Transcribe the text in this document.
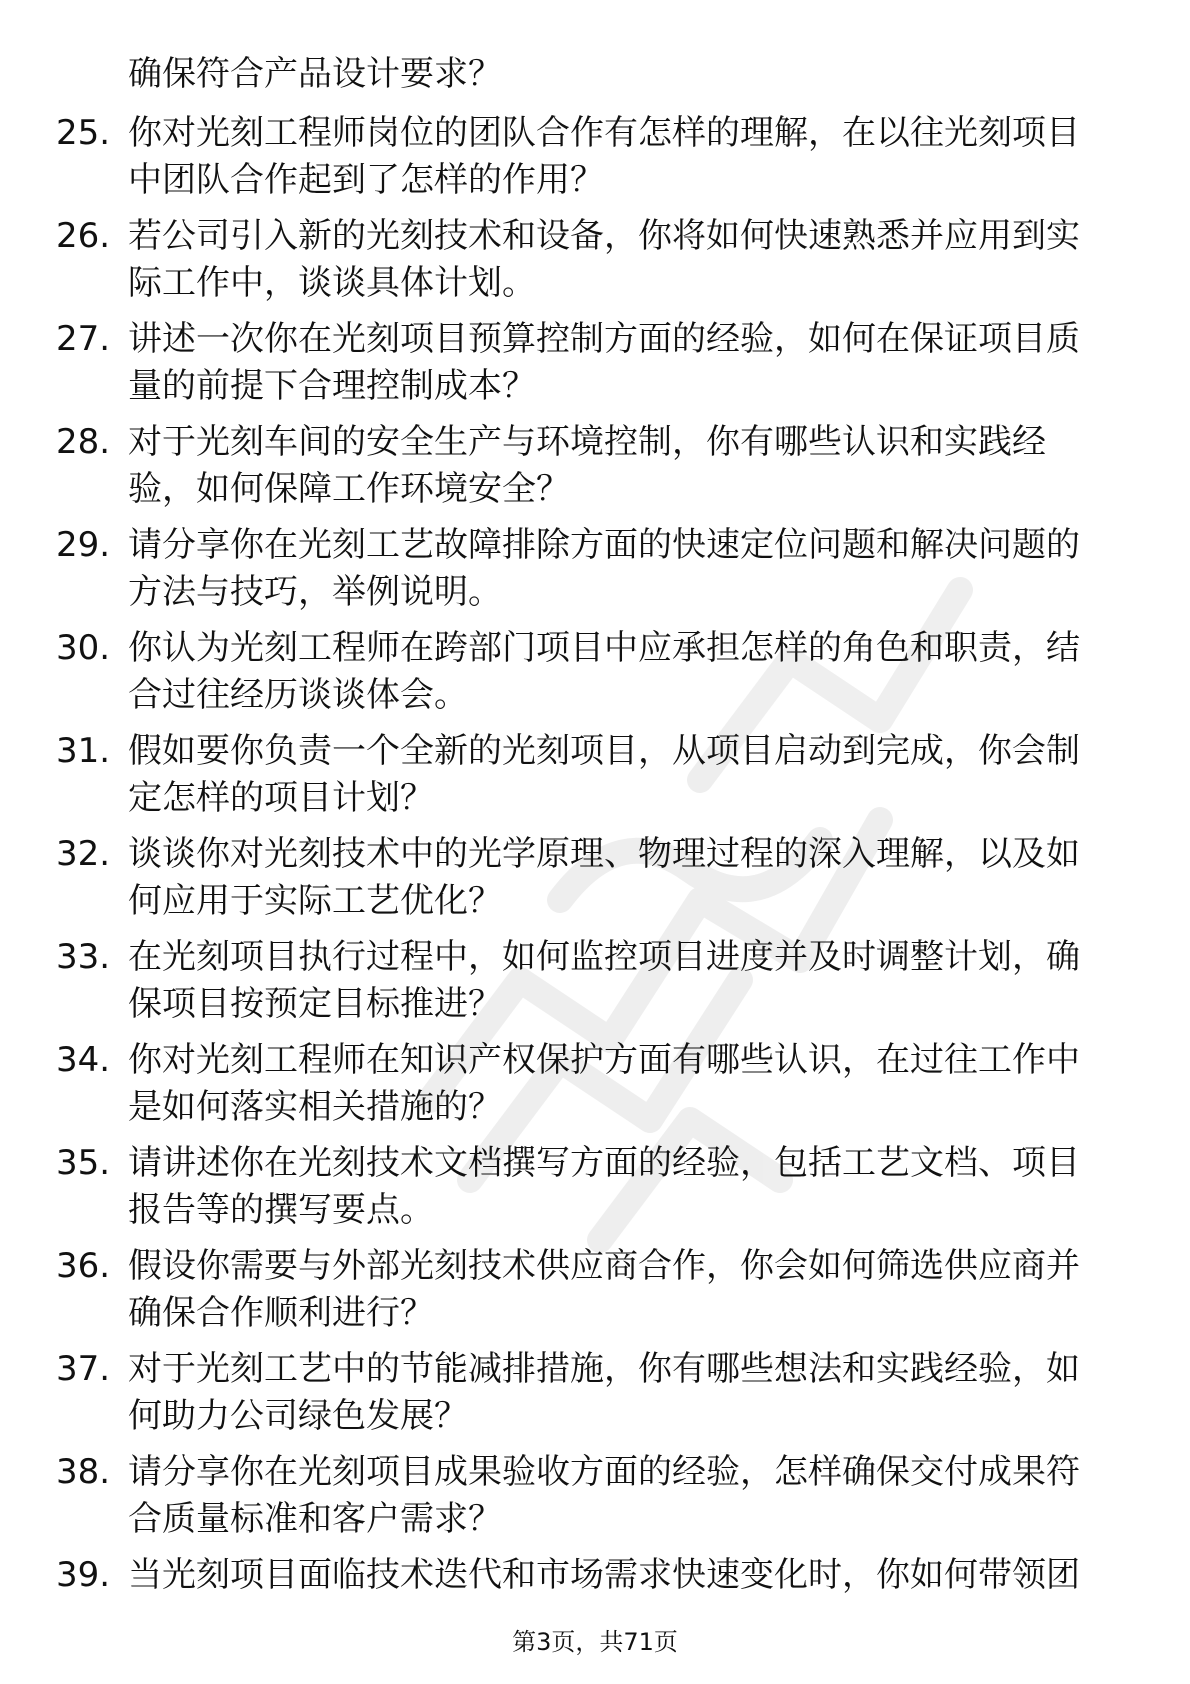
确保符合产品设计要求？
25. 你对光刻工程师岗位的团队合作有怎样的理解，在以往光刻项目
中团队合作起到了怎样的作用？
26. 若公司引入新的光刻技术和设备，你将如何快速熟悉并应用到实
际工作中，谈谈具体计划。
27. 讲述一次你在光刻项目预算控制方面的经验，如何在保证项目质
量的前提下合理控制成本？
28. 对于光刻车间的安全生产与环境控制，你有哪些认识和实践经
验，如何保障工作环境安全？
29. 请分享你在光刻工艺故障排除方面的快速定位问题和解决问题的
方法与技巧，举例说明。
30. 你认为光刻工程师在跨部门项目中应承担怎样的角色和职责，结
合过往经历谈谈体会。
31. 假如要你负责一个全新的光刻项目，从项目启动到完成，你会制
定怎样的项目计划？
32. 谈谈你对光刻技术中的光学原理、物理过程的深入理解，以及如
何应用于实际工艺优化？
33. 在光刻项目执行过程中，如何监控项目进度并及时调整计划，确
保项目按预定目标推进？
34. 你对光刻工程师在知识产权保护方面有哪些认识，在过往工作中
是如何落实相关措施的？
35. 请讲述你在光刻技术文档撰写方面的经验，包括工艺文档、项目
报告等的撰写要点。
36. 假设你需要与外部光刻技术供应商合作，你会如何筛选供应商并
确保合作顺利进行？
37. 对于光刻工艺中的节能减排措施，你有哪些想法和实践经验，如
何助力公司绿色发展？
38. 请分享你在光刻项目成果验收方面的经验，怎样确保交付成果符
合质量标准和客户需求？
39. 当光刻项目面临技术迭代和市场需求快速变化时，你如何带领团
第3页，共71页
